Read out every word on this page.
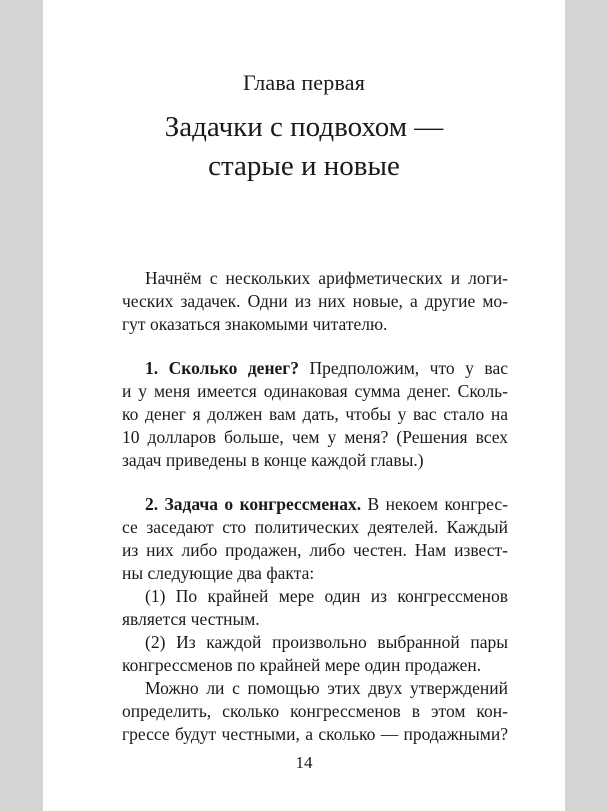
Глава первая
Задачки с подвохом —
старые и новые
Начнём с нескольких арифметических и логи-
ческих задачек. Одни из них новые, а другие мо-
гут оказаться знакомыми читателю.
1. Сколько денег? Предположим, что у вас
и у меня имеется одинаковая сумма денег. Сколь-
ко денег я должен вам дать, чтобы у вас стало на
10 долларов больше, чем у меня? (Решения всех
задач приведены в конце каждой главы.)
2. Задача о конгрессменах. В некоем конгрес-
се заседают сто политических деятелей. Каждый
из них либо продажен, либо честен. Нам извест-
ны следующие два факта:
(1) По крайней мере один из конгрессменов
является честным.
(2) Из каждой произвольно выбранной пары
конгрессменов по крайней мере один продажен.
Можно ли с помощью этих двух утверждений
определить, сколько конгрессменов в этом кон-
грессе будут честными, а сколько — продажными?
14
